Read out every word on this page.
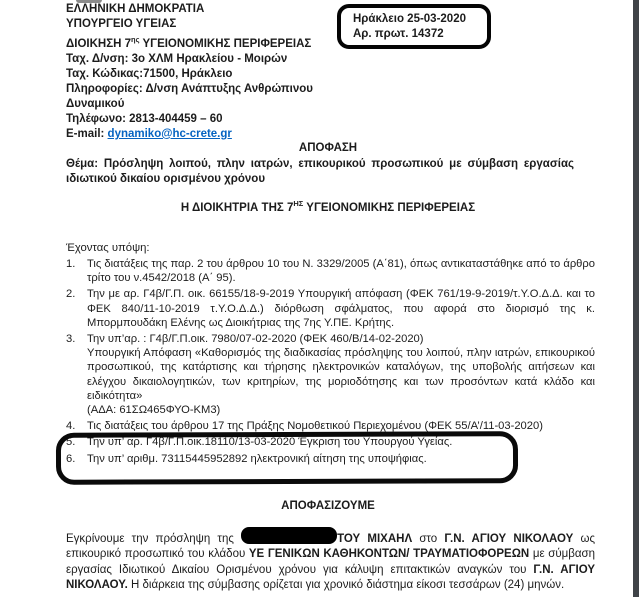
ΕΛΛΗΝΙΚΗ ΔΗΜΟΚΡΑΤΙΑ
ΥΠΟΥΡΓΕΙΟ ΥΓΕΙΑΣ
ΔΙΟΙΚΗΣΗ $7^{\eta\varsigma}$ ΥΓΕΙΟΝΟΜΙΚΗΣ ΠΕΡΙΦΕΡΕΙΑΣ
Ταχ. Δ/νση: 3ο ΧΛΜ Ηρακλείου - Μοιρών
Ταχ. Κώδικας:71500, Ηράκλειο
Πληροφορίες: Δ/νση Ανάπτυξης Ανθρώπινου Δυναμικού
Τηλέφωνο: 2813-404459 – 60
E-mail: dynamiko@hc-crete.gr
Ηράκλειο 25-03-2020
Αρ. πρωτ. 14372
ΑΠΟΦΑΣΗ
Θέμα: Πρόσληψη λοιπού, πλην ιατρών, επικουρικού προσωπικού με σύμβαση εργασίας ιδιωτικού δικαίου ορισμένου χρόνου
Η ΔΙΟΙΚΗΤΡΙΑ ΤΗΣ $7^{H\Sigma}$ ΥΓΕΙΟΝΟΜΙΚΗΣ ΠΕΡΙΦΕΡΕΙΑΣ
Έχοντας υπόψη:
1.	Τις διατάξεις της παρ. 2 του άρθρου 10 του Ν. 3329/2005 (Α΄81), όπως αντικαταστάθηκε από το άρθρο τρίτο του ν.4542/2018 (Α΄ 95).
2.	Την με αρ. Γ4β/Γ.Π. οικ. 66155/18-9-2019 Υπουργική απόφαση (ΦΕΚ 761/19-9-2019/τ.Υ.Ο.Δ.Δ. και το ΦΕΚ 840/11-10-2019 τ.Υ.Ο.Δ.Δ.) διόρθωση σφάλματος, που αφορά στο διορισμό της κ. Μπορμπουδάκη Ελένης ως Διοικήτριας της 7ης Υ.ΠΕ. Κρήτης.
3.	Την υπ’αρ. : Γ4β/Γ.Π.οικ. 7980/07-02-2020 (ΦΕΚ 460/Β/14-02-2020)
Υπουργική Απόφαση «Καθορισμός της διαδικασίας πρόσληψης του λοιπού, πλην ιατρών, επικουρικού προσωπικού, της κατάρτισης και τήρησης ηλεκτρονικών καταλόγων, της υποβολής αιτήσεων και ελέγχου δικαιολογητικών, των κριτηρίων, της μοριοδότησης και των προσόντων κατά κλάδο και ειδικότητα»
(ΑΔΑ: 61ΣΩ465ΦΥΟ-ΚΜ3)
4.	Τις διατάξεις του άρθρου 17 της Πράξης Νομοθετικού Περιεχομένου (ΦΕΚ 55/Α’/11-03-2020)
5.	Την υπ’ αρ. Γ4β/Γ.Π.οικ.18110/13-03-2020 Έγκριση του Υπουργού Υγείας.
6.	Την υπ’ αριθμ. 73115445952892 ηλεκτρονική αίτηση της υποψήφιας.
ΑΠΟΦΑΣΙΖΟΥΜΕ
Εγκρίνουμε την πρόσληψη της	ΤΟΥ ΜΙΧΑΗΛ στο Γ.Ν. ΑΓΙΟΥ ΝΙΚΟΛΑΟΥ ως επικουρικό προσωπικό του κλάδου ΥΕ ΓΕΝΙΚΩΝ ΚΑΘΗΚΟΝΤΩΝ/ ΤΡΑΥΜΑΤΙΟΦΟΡΕΩΝ με σύμβαση εργασίας Ιδιωτικού Δικαίου Ορισμένου χρόνου για κάλυψη επιτακτικών αναγκών του Γ.Ν. ΑΓΙΟΥ ΝΙΚΟΛΑΟΥ. Η διάρκεια της σύμβασης ορίζεται για χρονικό διάστημα είκοσι τεσσάρων (24) μηνών.
